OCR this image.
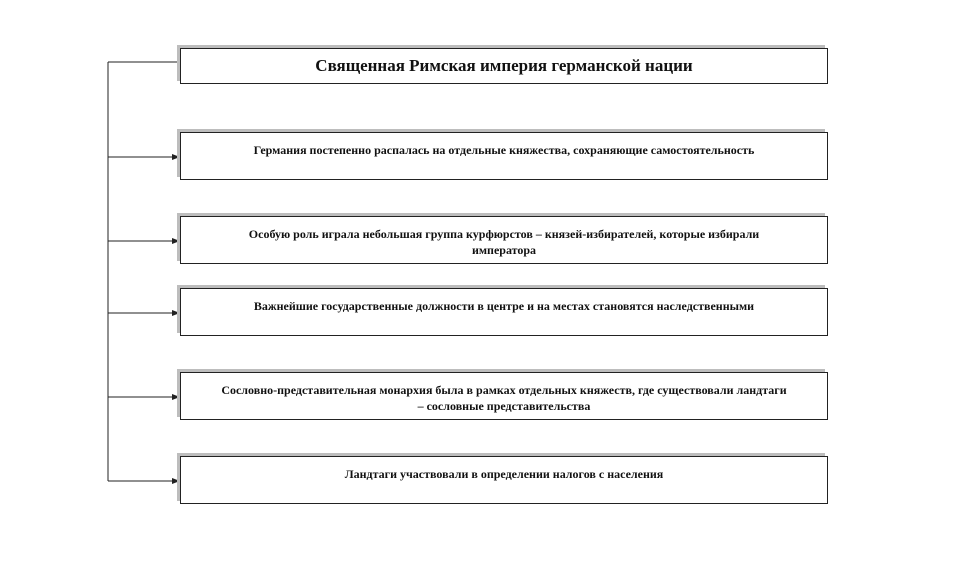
Священная Римская империя германской нации
Германия постепенно распалась на отдельные княжества, сохраняющие самостоятельность
Особую роль играла небольшая группа курфюрстов – князей-избирателей, которые избирали императора
Важнейшие государственные должности в центре и на местах становятся наследственными
Сословно-представительная монархия была в рамках отдельных княжеств, где существовали ландтаги – сословные представительства
Ландтаги участвовали в определении налогов с населения
